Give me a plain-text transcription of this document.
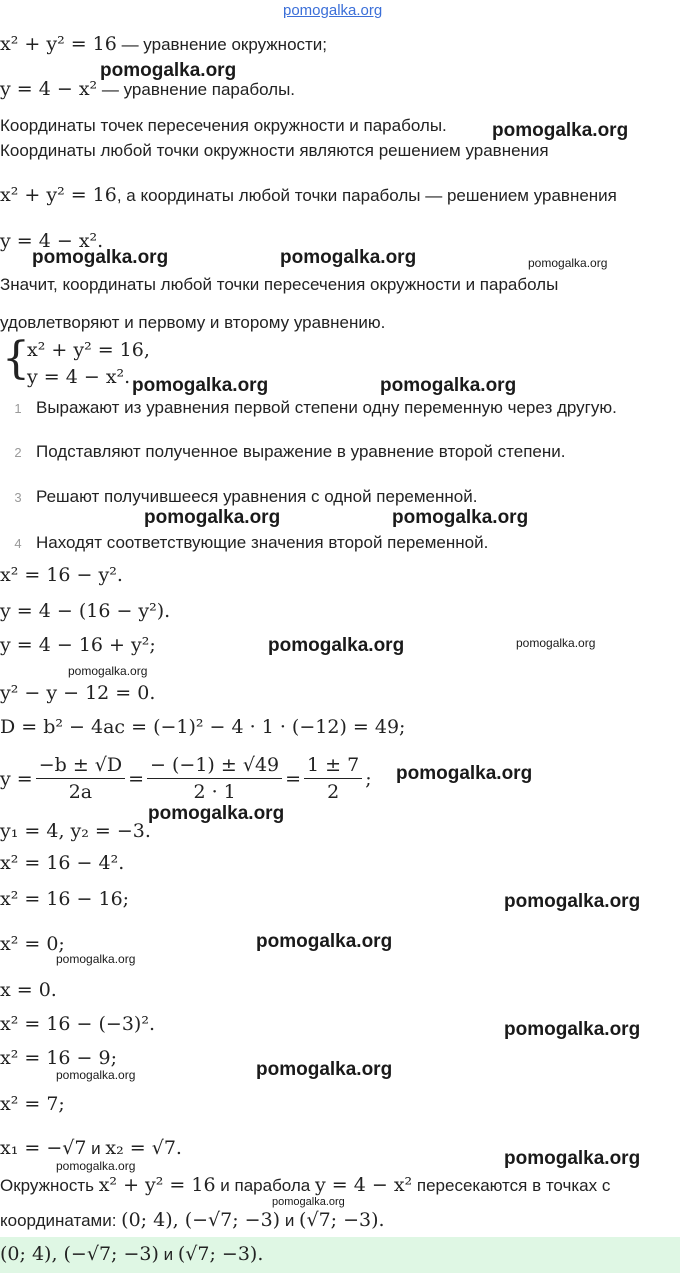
pomogalka.org
x² + y² = 16 — уравнение окружности;
pomogalka.org
y = 4 − x² — уравнение параболы.
Координаты точек пересечения окружности и параболы. pomogalka.org
Координаты любой точки окружности являются решением уравнения
x² + y² = 16, а координаты любой точки параболы — решением уравнения
y = 4 − x².
pomogalka.org	pomogalka.org	pomogalka.org
Значит, координаты любой точки пересечения окружности и параболы
удовлетворяют и первому и второму уравнению.
{
x² + y² = 16,
y = 4 − x². pomogalka.org	pomogalka.org
1 Выражают из уравнения первой степени одну переменную через другую.
2 Подставляют полученное выражение в уравнение второй степени.
3 Решают получившееся уравнения с одной переменной.
pomogalka.org	pomogalka.org
4 Находят соответствующие значения второй переменной.
x² = 16 − y².
y = 4 − (16 − y²).
y = 4 − 16 + y²;	pomogalka.org	pomogalka.org
pomogalka.org
y² − y − 12 = 0.
D = b² − 4ac = (−1)² − 4 · 1 · (−12) = 49;
$y = \frac{-b \pm √D}{2a} = \frac{- (-1) \pm √49}{2 \cdot 1} = \frac{1 \pm 7}{2}$ ; pomogalka.org
pomogalka.org
y₁ = 4, y₂ = −3.
x² = 16 − 4².
x² = 16 − 16;	pomogalka.org
x² = 0;	pomogalka.org
pomogalka.org
x = 0.
x² = 16 − (−3)².	pomogalka.org
x² = 16 − 9;
pomogalka.org	pomogalka.org
x² = 7;
x₁ = −√7 и x₂ = √7.	pomogalka.org
pomogalka.org
Окружность x² + y² = 16 и парабола y = 4 − x² пересекаются в точках с
pomogalka.org
координатами: (0; 4), (−√7; −3) и (√7; −3).
(0; 4), (−√7; −3) и (√7; −3).
